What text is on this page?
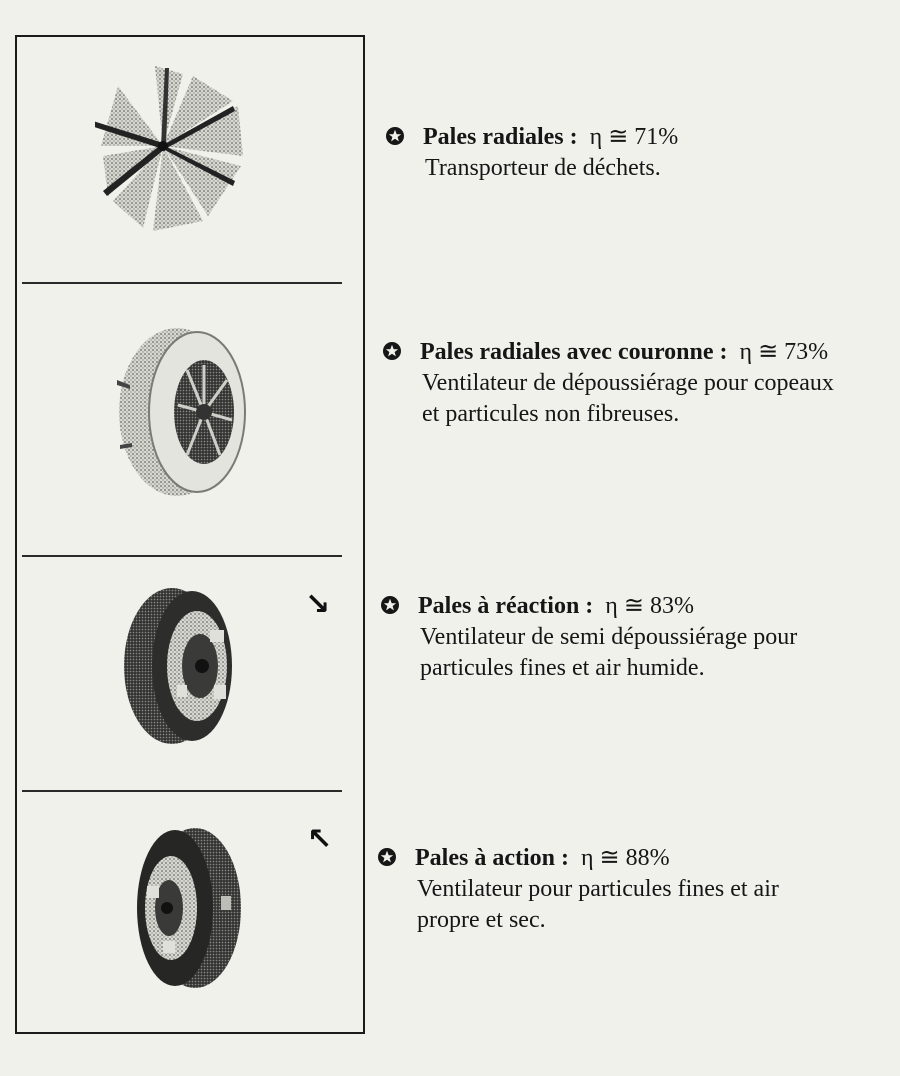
↘
↖
Pales radiales : η ≅ 71%
Transporteur de déchets.
Pales radiales avec couronne : η ≅ 73%
Ventilateur de dépoussiérage pour copeaux
et particules non fibreuses.
Pales à réaction : η ≅ 83%
Ventilateur de semi dépoussiérage pour
particules fines et air humide.
Pales à action : η ≅ 88%
Ventilateur pour particules fines et air
propre et sec.
